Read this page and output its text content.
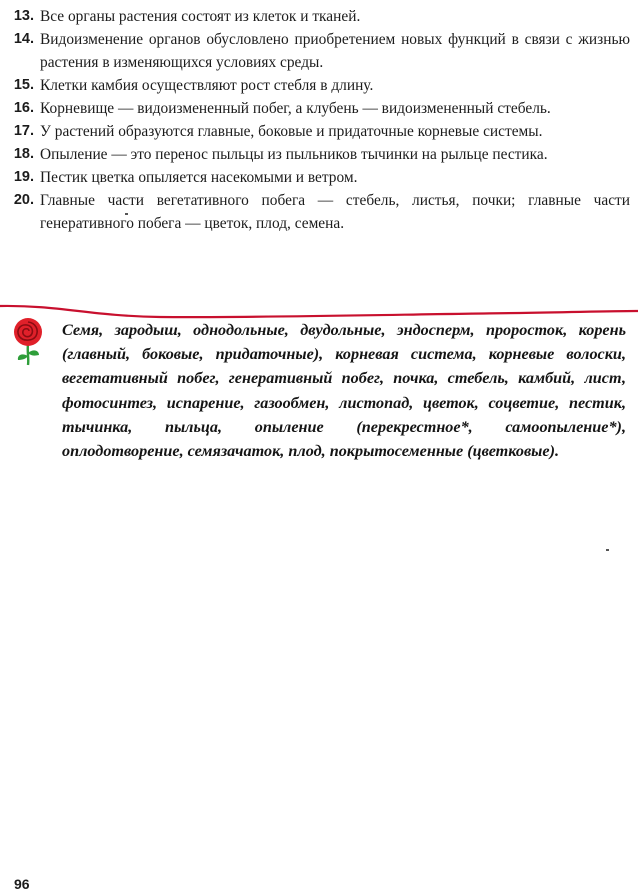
13. Все органы растения состоят из клеток и тканей.
14. Видоизменение органов обусловлено приобретением новых функций в связи с жизнью растения в изменяющихся условиях среды.
15. Клетки камбия осуществляют рост стебля в длину.
16. Корневище — видоизмененный побег, а клубень — видоизмененный стебель.
17. У растений образуются главные, боковые и придаточные корневые системы.
18. Опыление — это перенос пыльцы из пыльников тычинки на рыльце пестика.
19. Пестик цветка опыляется насекомыми и ветром.
20. Главные части вегетативного побега — стебель, листья, почки; главные части генеративного побега — цветок, плод, семена.
Семя, зародыш, однодольные, двудольные, эндосперм, проросток, корень (главный, боковые, придаточные), корневая система, корневые волоски, вегетативный побег, генеративный побег, почка, стебель, камбий, лист, фотосинтез, испарение, газообмен, листопад, цветок, соцветие, пестик, тычинка, пыльца, опыление (перекрестное*, самоопыление*), оплодотворение, семязачаток, плод, покрытосеменные (цветковые).
96
